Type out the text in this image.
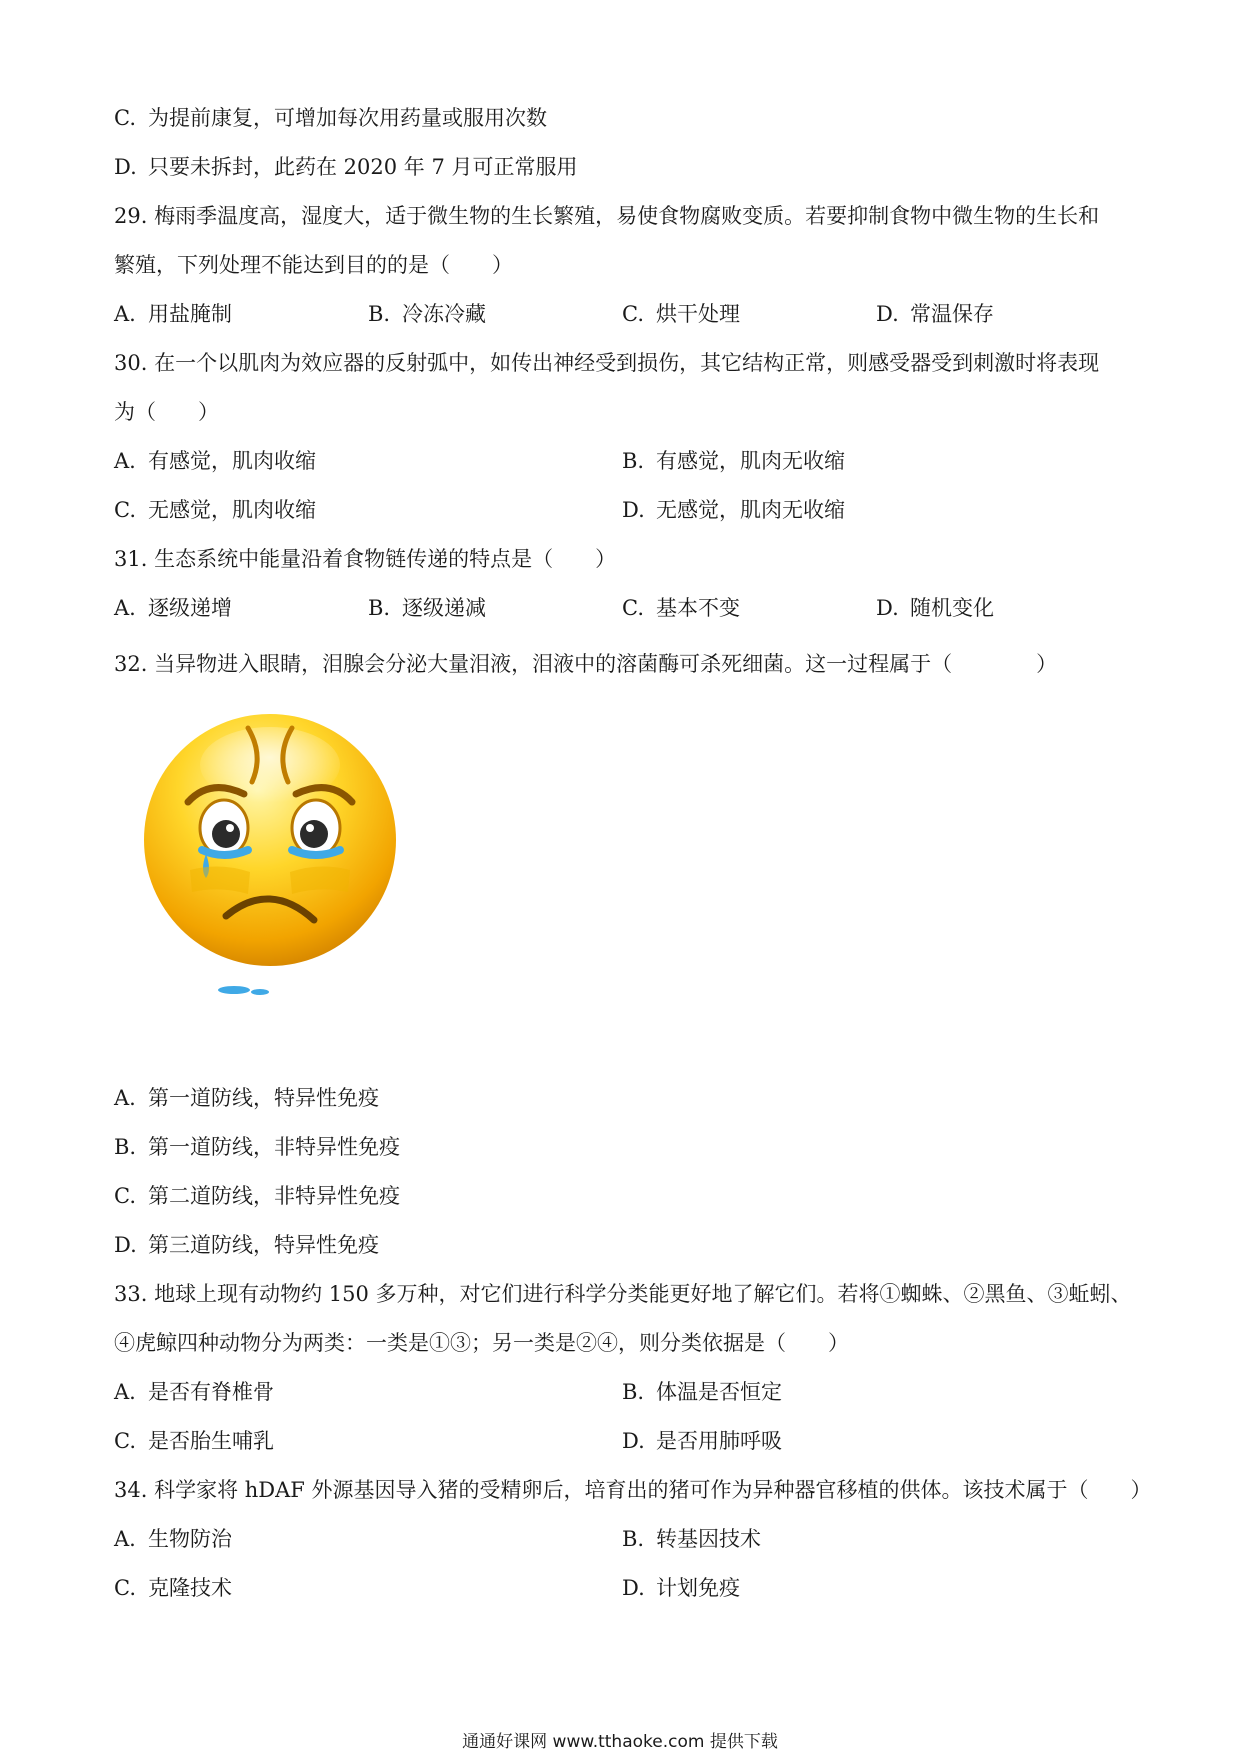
C. 为提前康复，可增加每次用药量或服用次数
D. 只要未拆封，此药在 2020 年 7 月可正常服用
29. 梅雨季温度高，湿度大，适于微生物的生长繁殖，易使食物腐败变质。若要抑制食物中微生物的生长和
繁殖，下列处理不能达到目的的是（　　）
A. 用盐腌制	B. 冷冻冷藏	C. 烘干处理	D. 常温保存
30. 在一个以肌肉为效应器的反射弧中，如传出神经受到损伤，其它结构正常，则感受器受到刺激时将表现
为（　　）
A. 有感觉，肌肉收缩	B. 有感觉，肌肉无收缩
C. 无感觉，肌肉收缩	D. 无感觉，肌肉无收缩
31. 生态系统中能量沿着食物链传递的特点是（　　）
A. 逐级递增	B. 逐级递减	C. 基本不变	D. 随机变化
32. 当异物进入眼睛，泪腺会分泌大量泪液，泪液中的溶菌酶可杀死细菌。这一过程属于（　　　　）
A. 第一道防线，特异性免疫
B. 第一道防线，非特异性免疫
C. 第二道防线，非特异性免疫
D. 第三道防线，特异性免疫
33. 地球上现有动物约 150 多万种，对它们进行科学分类能更好地了解它们。若将①蜘蛛、②黑鱼、③蚯蚓、
④虎鲸四种动物分为两类：一类是①③；另一类是②④，则分类依据是（　　）
A. 是否有脊椎骨	B. 体温是否恒定
C. 是否胎生哺乳	D. 是否用肺呼吸
34. 科学家将 hDAF 外源基因导入猪的受精卵后，培育出的猪可作为异种器官移植的供体。该技术属于（　　）
A. 生物防治	B. 转基因技术
C. 克隆技术	D. 计划免疫
通通好课网 www.tthaoke.com 提供下载
